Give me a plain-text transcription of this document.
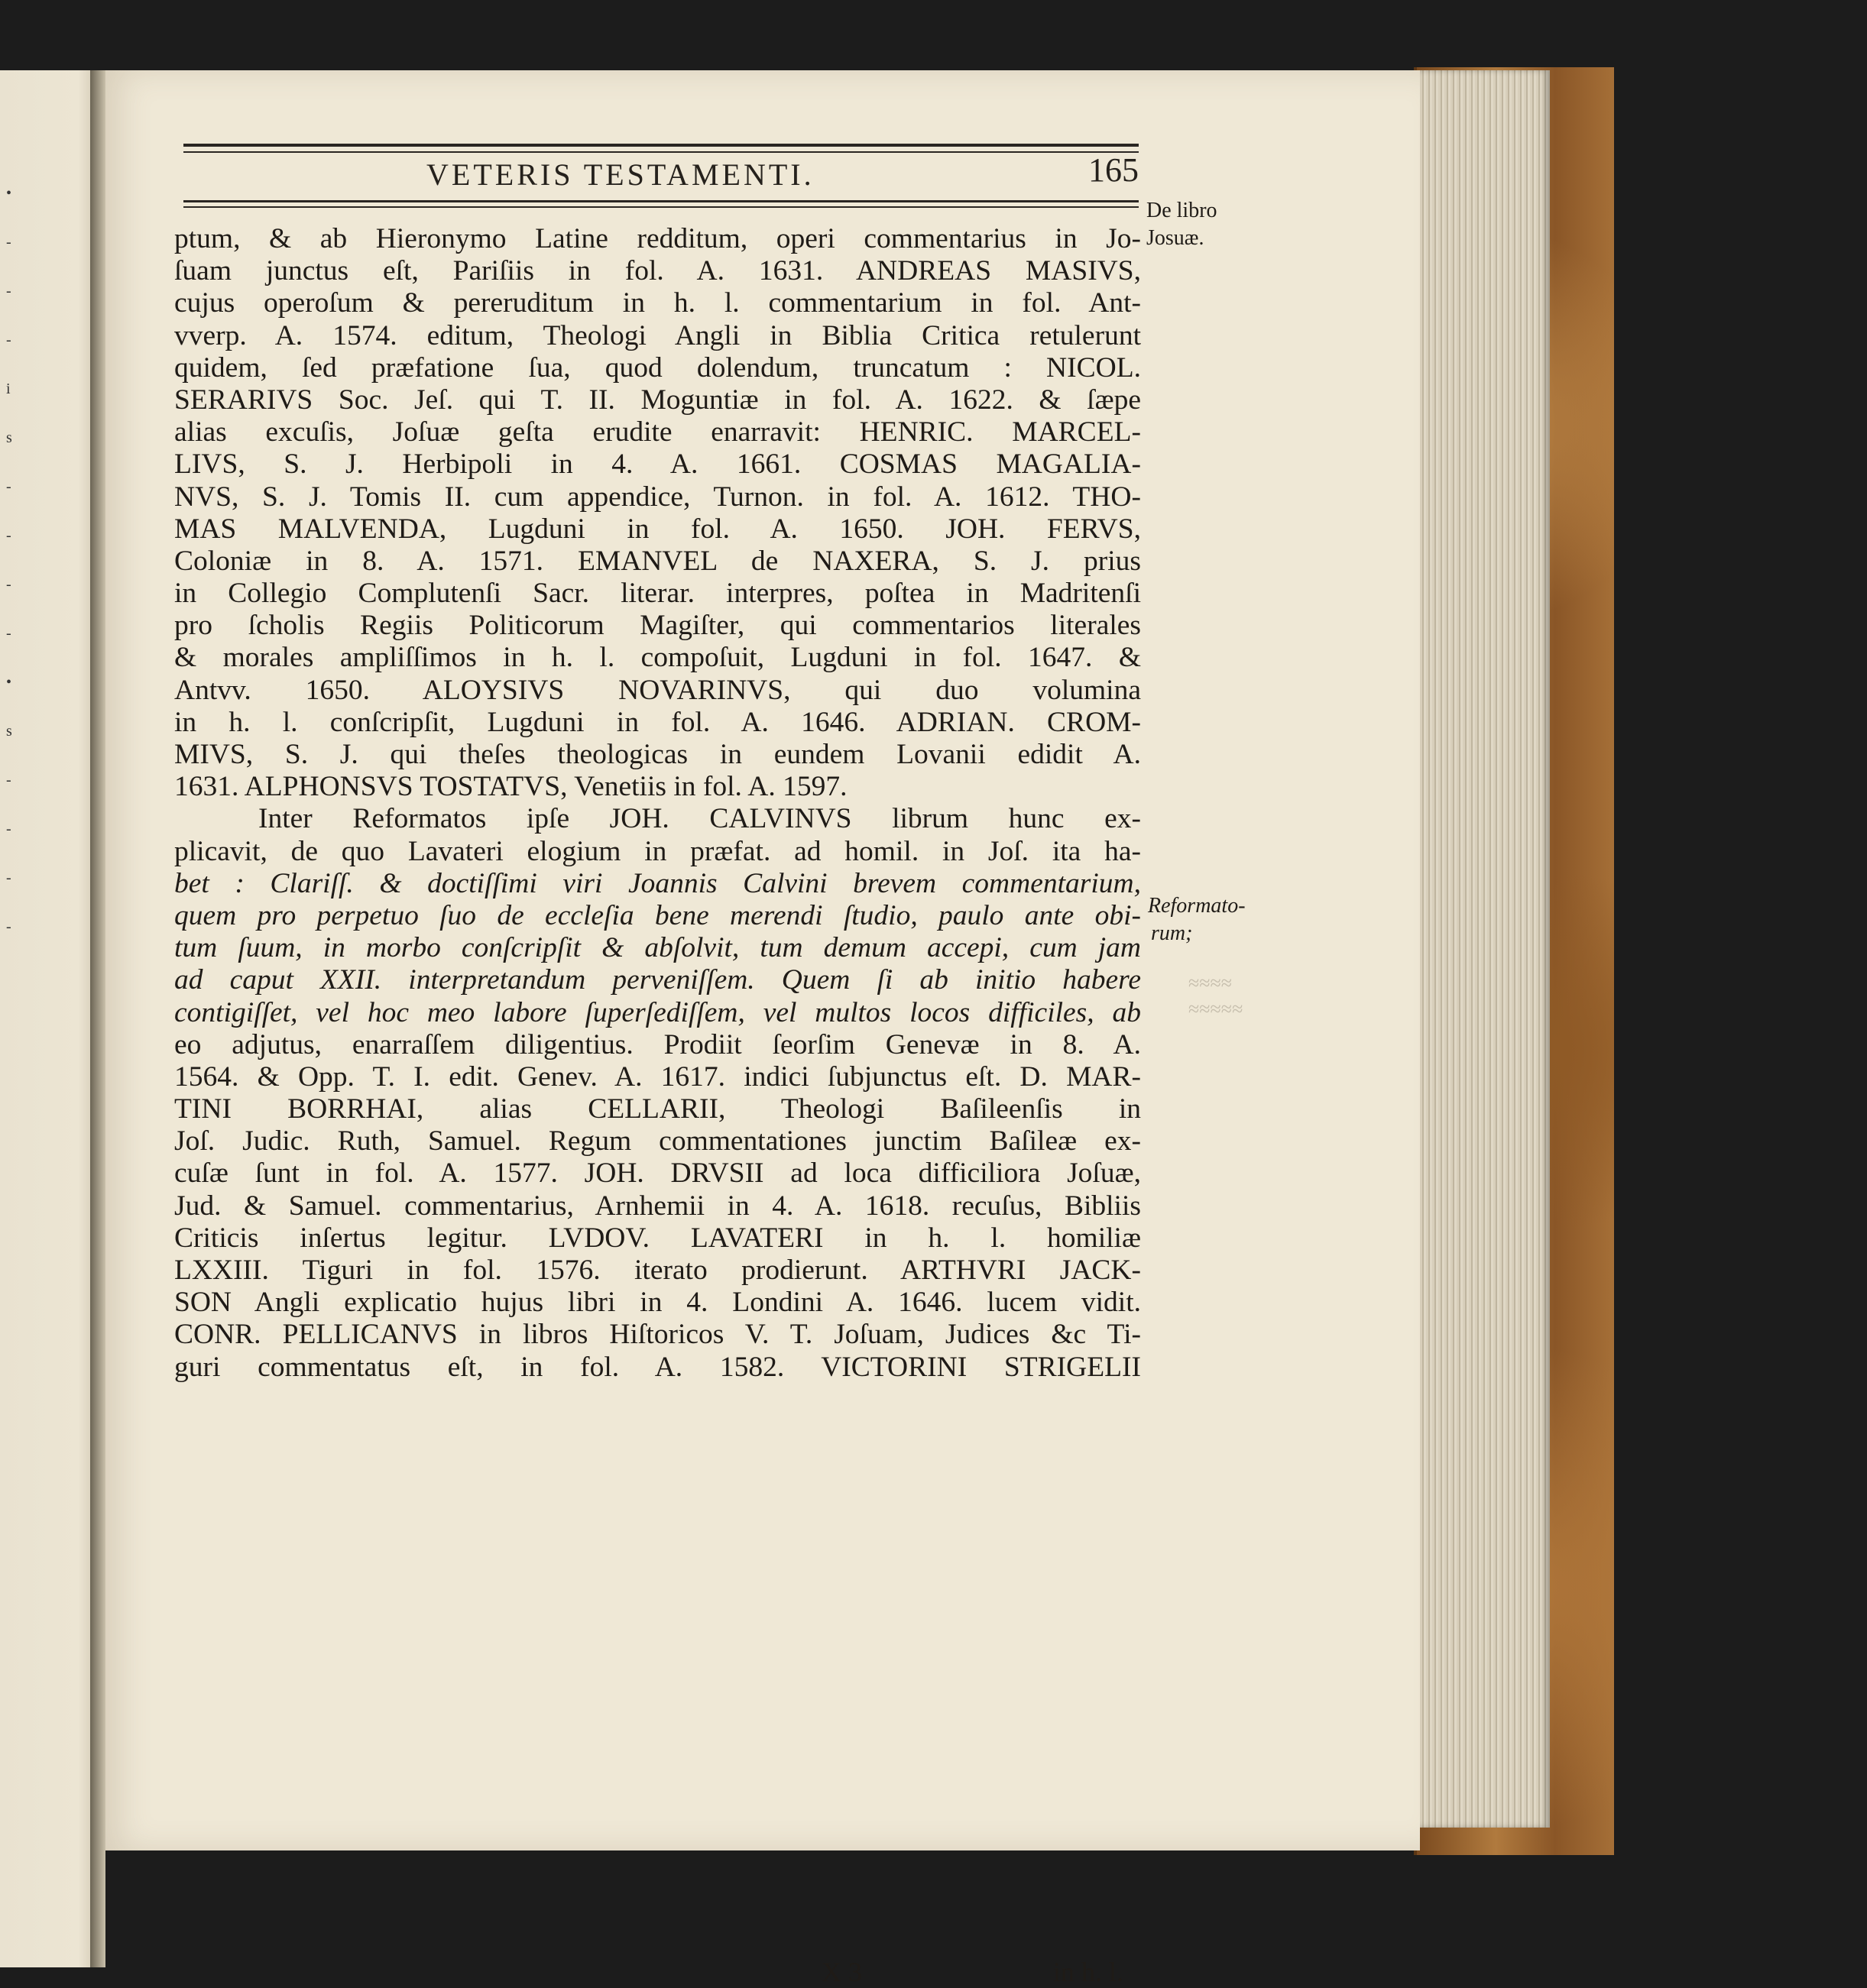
•
-
-
-
i
s
-
-
-
-
•
s
-
-
-
-
≈≈≈≈
≈≈≈≈≈
VETERIS TESTAMENTI.	165
De libro
Josuæ.
Reformato-
rum;
ptum, & ab Hieronymo Latine redditum, operi commentarius in Jo-
ſuam junctus eſt, Pariſiis in fol. A. 1631. ANDREAS MASIVS,
cujus operoſum & pereruditum in h. l. commentarium in fol. Ant-
vverp. A. 1574. editum, Theologi Angli in Biblia Critica retulerunt
quidem, ſed præfatione ſua, quod dolendum, truncatum : NICOL.
SERARIVS Soc. Jeſ. qui T. II. Moguntiæ in fol. A. 1622. & ſæpe
alias excuſis, Joſuæ geſta erudite enarravit: HENRIC. MARCEL-
LIVS, S. J. Herbipoli in 4. A. 1661. COSMAS MAGALIA-
NVS, S. J. Tomis II. cum appendice, Turnon. in fol. A. 1612. THO-
MAS MALVENDA, Lugduni in fol. A. 1650. JOH. FERVS,
Coloniæ in 8. A. 1571. EMANVEL de NAXERA, S. J. prius
in Collegio Complutenſi Sacr. literar. interpres, poſtea in Madritenſi
pro ſcholis Regiis Politicorum Magiſter, qui commentarios literales
& morales ampliſſimos in h. l. compoſuit, Lugduni in fol. 1647. &
Antvv. 1650. ALOYSIVS NOVARINVS, qui duo volumina
in h. l. conſcripſit, Lugduni in fol. A. 1646. ADRIAN. CROM-
MIVS, S. J. qui theſes theologicas in eundem Lovanii edidit A.
1631. ALPHONSVS TOSTATVS, Venetiis in fol. A. 1597.
Inter Reformatos ipſe JOH. CALVINVS librum hunc ex-
plicavit, de quo Lavateri elogium in præfat. ad homil. in Joſ. ita ha-
bet : Clariſſ. & doctiſſimi viri Joannis Calvini brevem commentarium,
quem pro perpetuo ſuo de eccleſia bene merendi ſtudio, paulo ante obi-
tum ſuum, in morbo conſcripſit & abſolvit, tum demum accepi, cum jam
ad caput XXII. interpretandum perveniſſem. Quem ſi ab initio habere
contigiſſet, vel hoc meo labore ſuperſediſſem, vel multos locos difficiles, ab
eo adjutus, enarraſſem diligentius. Prodiit ſeorſim Genevæ in 8. A.
1564. & Opp. T. I. edit. Genev. A. 1617. indici ſubjunctus eſt. D. MAR-
TINI BORRHAI, alias CELLARII, Theologi Baſileenſis in
Joſ. Judic. Ruth, Samuel. Regum commentationes junctim Baſileæ ex-
cuſæ ſunt in fol. A. 1577. JOH. DRVSII ad loca difficiliora Joſuæ,
Jud. & Samuel. commentarius, Arnhemii in 4. A. 1618. recuſus, Bibliis
Criticis inſertus legitur. LVDOV. LAVATERI in h. l. homiliæ
LXXIII. Tiguri in fol. 1576. iterato prodierunt. ARTHVRI JACK-
SON Angli explicatio hujus libri in 4. Londini A. 1646. lucem vidit.
CONR. PELLICANVS in libros Hiſtoricos V. T. Joſuam, Judices &c Ti-
guri commentatus eſt, in fol. A. 1582. VICTORINI STRIGELII
X 3	in h. l.
